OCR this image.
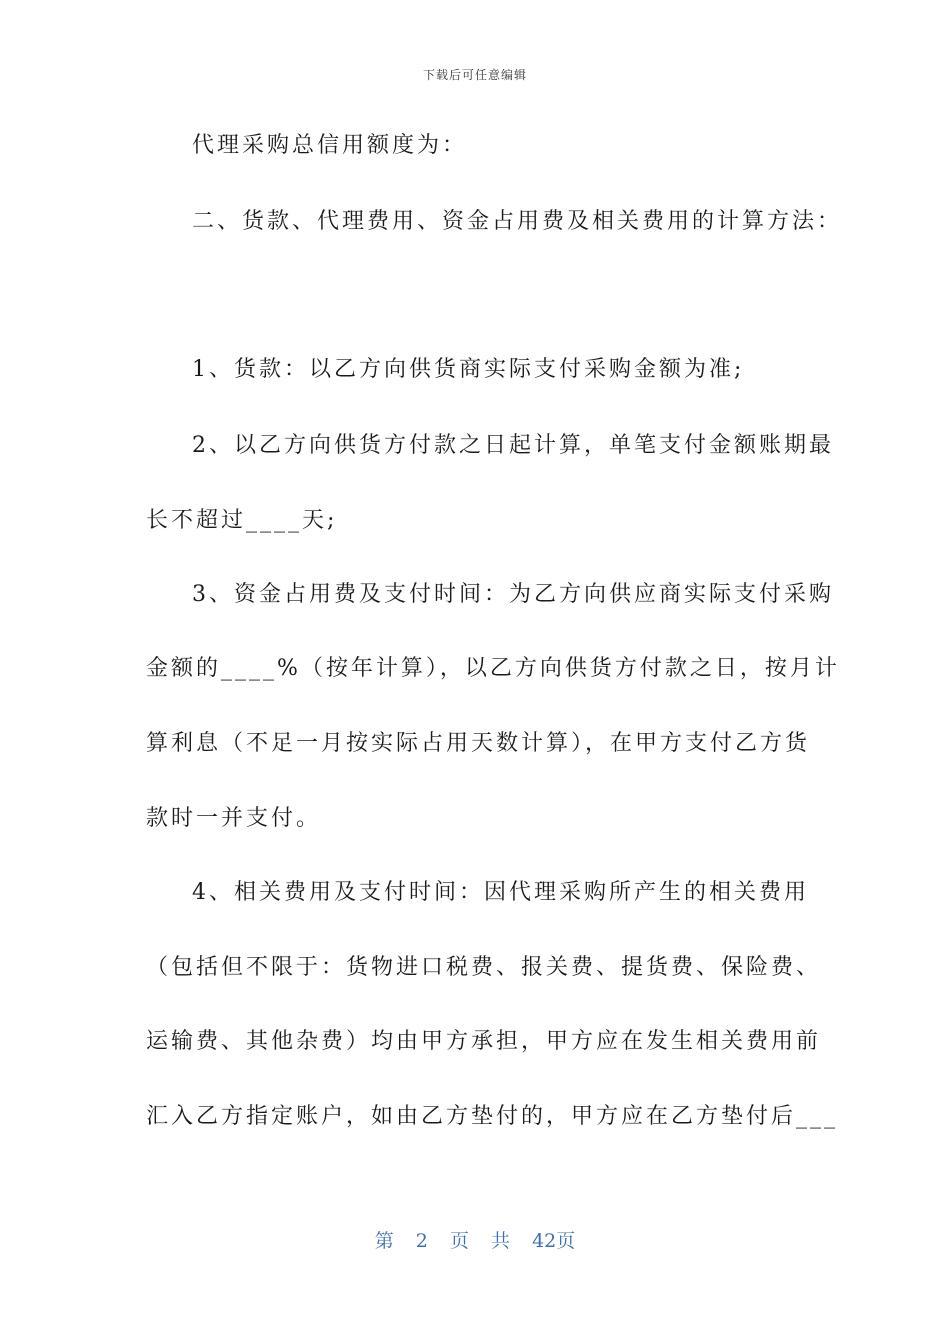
下载后可任意编辑
代理采购总信用额度为：
二、货款、代理费用、资金占用费及相关费用的计算方法：
1、货款：以乙方向供货商实际支付采购金额为准;
2、以乙方向供货方付款之日起计算，单笔支付金额账期最
长不超过____天;
3、资金占用费及支付时间：为乙方向供应商实际支付采购
金额的____%（按年计算），以乙方向供货方付款之日，按月计
算利息（不足一月按实际占用天数计算），在甲方支付乙方货
款时一并支付。
4、相关费用及支付时间：因代理采购所产生的相关费用
（包括但不限于：货物进口税费、报关费、提货费、保险费、
运输费、其他杂费）均由甲方承担，甲方应在发生相关费用前
汇入乙方指定账户，如由乙方垫付的，甲方应在乙方垫付后___
第 2 页 共 42页
